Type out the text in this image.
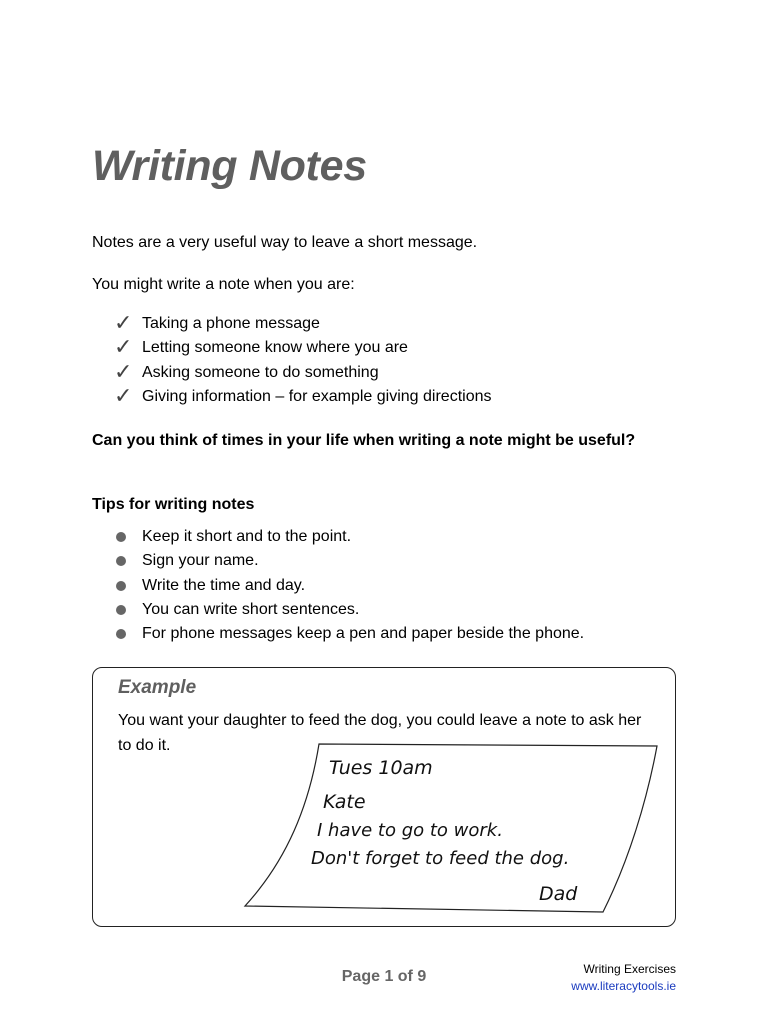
Writing Notes
Notes are a very useful way to leave a short message.
You might write a note when you are:
✓ Taking a phone message
✓ Letting someone know where you are
✓ Asking someone to do something
✓ Giving information – for example giving directions
Can you think of times in your life when writing a note might be useful?
Tips for writing notes
Keep it short and to the point.
Sign your name.
Write the time and day.
You can write short sentences.
For phone messages keep a pen and paper beside the phone.
Example
You want your daughter to feed the dog, you could leave a note to ask her to do it.
Tues 10am
Kate
I have to go to work.
Don't forget to feed the dog.
Dad
Page 1 of 9	Writing Exercises
www.literacytools.ie
